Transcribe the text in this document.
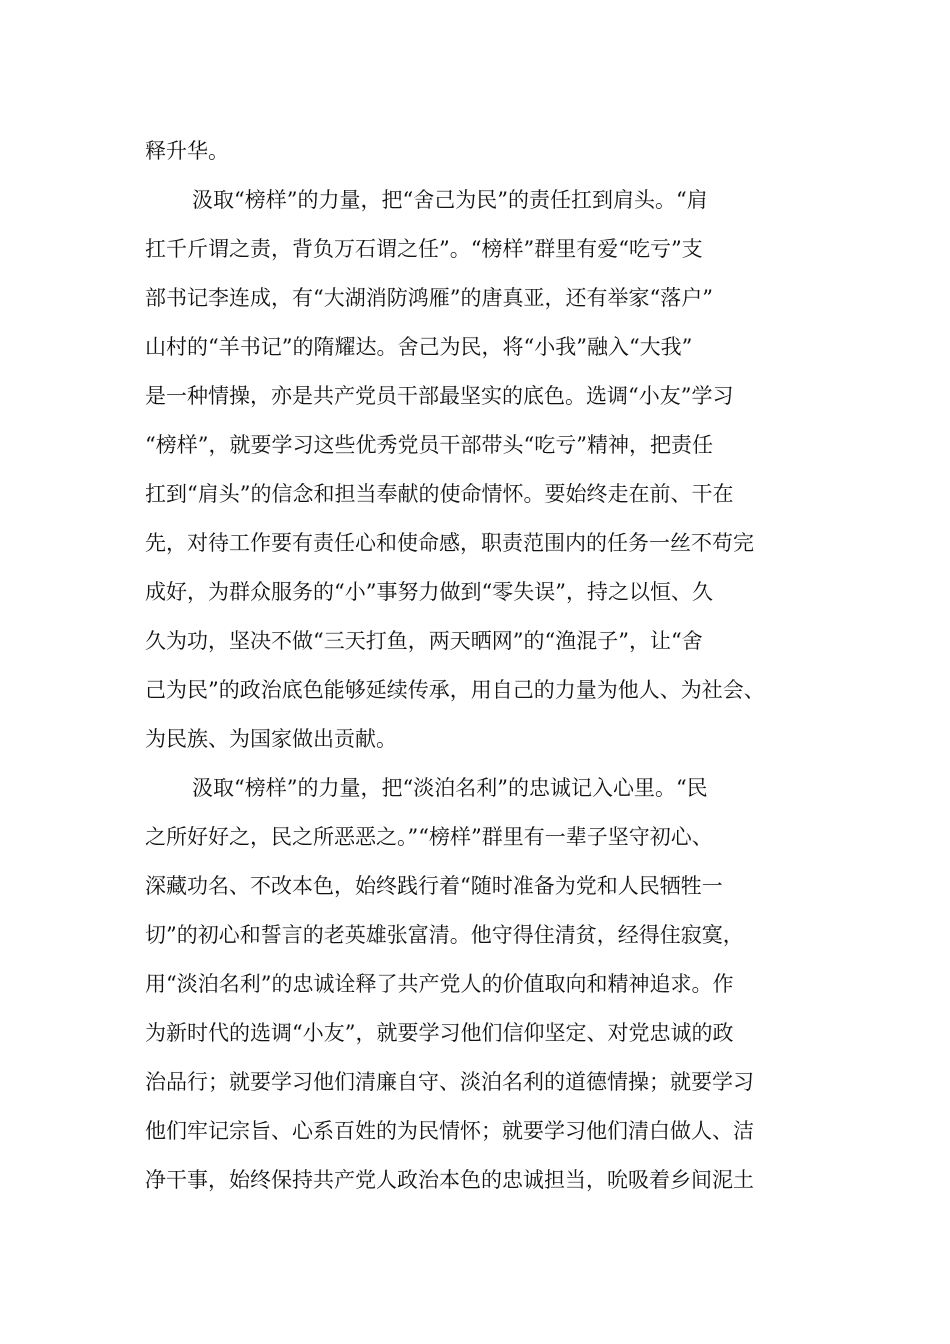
释升华。

汲取“榜样”的力量，把“舍己为民”的责任扛到肩头。“肩

扛千斤谓之责，背负万石谓之任”。“榜样”群里有爱“吃亏”支

部书记李连成，有“大湖消防鸿雁”的唐真亚，还有举家“落户”

山村的“羊书记”的隋耀达。舍己为民，将“小我”融入“大我”

是一种情操，亦是共产党员干部最坚实的底色。选调“小友”学习

“榜样”，就要学习这些优秀党员干部带头“吃亏”精神，把责任

扛到“肩头”的信念和担当奉献的使命情怀。要始终走在前、干在

先，对待工作要有责任心和使命感，职责范围内的任务一丝不苟完

成好，为群众服务的“小”事努力做到“零失误”，持之以恒、久

久为功，坚决不做“三天打鱼，两天晒网”的“渔混子”，让“舍

己为民”的政治底色能够延续传承，用自己的力量为他人、为社会、

为民族、为国家做出贡献。

汲取“榜样”的力量，把“淡泊名利”的忠诚记入心里。“民

之所好好之，民之所恶恶之。”“榜样”群里有一辈子坚守初心、

深藏功名、不改本色，始终践行着“随时准备为党和人民牺牲一

切”的初心和誓言的老英雄张富清。他守得住清贫，经得住寂寞，

用“淡泊名利”的忠诚诠释了共产党人的价值取向和精神追求。作

为新时代的选调“小友”，就要学习他们信仰坚定、对党忠诚的政

治品行；就要学习他们清廉自守、淡泊名利的道德情操；就要学习

他们牢记宗旨、心系百姓的为民情怀；就要学习他们清白做人、洁

净干事，始终保持共产党人政治本色的忠诚担当，吮吸着乡间泥土
